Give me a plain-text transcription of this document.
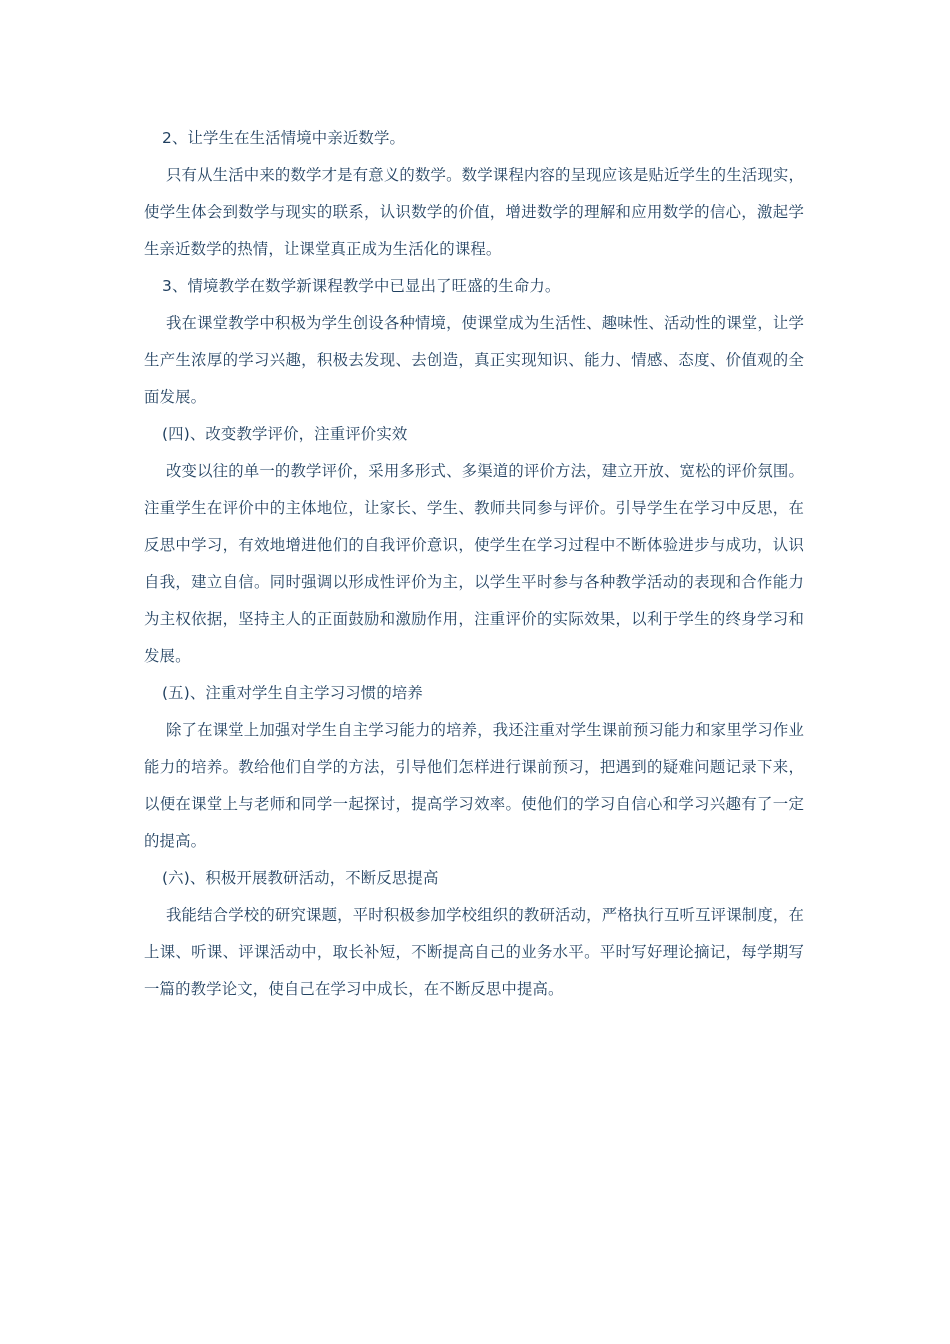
2、让学生在生活情境中亲近数学。

只有从生活中来的数学才是有意义的数学。数学课程内容的呈现应该是贴近学生的生活现实，使学生体会到数学与现实的联系，认识数学的价值，增进数学的理解和应用数学的信心，激起学生亲近数学的热情，让课堂真正成为生活化的课程。

3、情境教学在数学新课程教学中已显出了旺盛的生命力。

我在课堂教学中积极为学生创设各种情境，使课堂成为生活性、趣味性、活动性的课堂，让学生产生浓厚的学习兴趣，积极去发现、去创造，真正实现知识、能力、情感、态度、价值观的全面发展。

(四)、改变教学评价，注重评价实效

改变以往的单一的教学评价，采用多形式、多渠道的评价方法，建立开放、宽松的评价氛围。注重学生在评价中的主体地位，让家长、学生、教师共同参与评价。引导学生在学习中反思，在反思中学习，有效地增进他们的自我评价意识，使学生在学习过程中不断体验进步与成功，认识自我，建立自信。同时强调以形成性评价为主，以学生平时参与各种教学活动的表现和合作能力为主权依据，坚持主人的正面鼓励和激励作用，注重评价的实际效果，以利于学生的终身学习和发展。

(五)、注重对学生自主学习习惯的培养

除了在课堂上加强对学生自主学习能力的培养，我还注重对学生课前预习能力和家里学习作业能力的培养。教给他们自学的方法，引导他们怎样进行课前预习，把遇到的疑难问题记录下来，以便在课堂上与老师和同学一起探讨，提高学习效率。使他们的学习自信心和学习兴趣有了一定的提高。

(六)、积极开展教研活动，不断反思提高

我能结合学校的研究课题，平时积极参加学校组织的教研活动，严格执行互听互评课制度，在上课、听课、评课活动中，取长补短，不断提高自己的业务水平。平时写好理论摘记，每学期写一篇的教学论文，使自己在学习中成长，在不断反思中提高。
